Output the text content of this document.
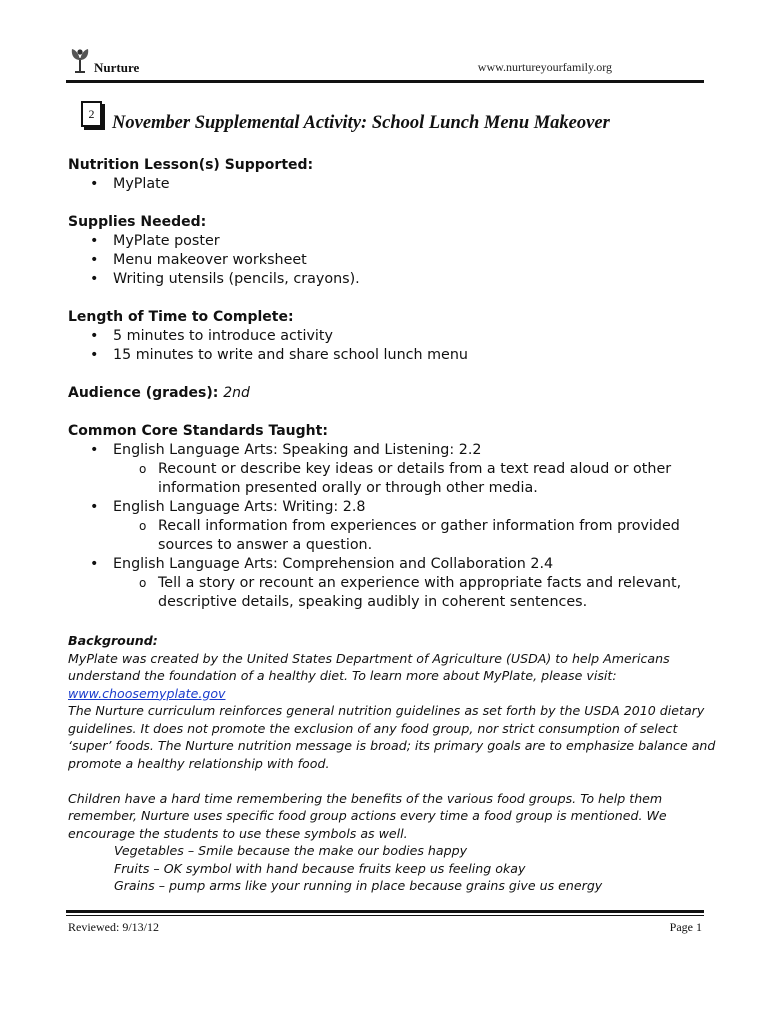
Nurture	www.nurtureyourfamily.org
2 November Supplemental Activity: School Lunch Menu Makeover
Nutrition Lesson(s) Supported:
• MyPlate
Supplies Needed:
• MyPlate poster
• Menu makeover worksheet
• Writing utensils (pencils, crayons).
Length of Time to Complete:
• 5 minutes to introduce activity
• 15 minutes to write and share school lunch menu
Audience (grades): 2nd
Common Core Standards Taught:
• English Language Arts: Speaking and Listening: 2.2
o Recount or describe key ideas or details from a text read aloud or other information presented orally or through other media.
• English Language Arts: Writing: 2.8
o Recall information from experiences or gather information from provided sources to answer a question.
• English Language Arts: Comprehension and Collaboration 2.4
o Tell a story or recount an experience with appropriate facts and relevant, descriptive details, speaking audibly in coherent sentences.

Background:

MyPlate was created by the United States Department of Agriculture (USDA) to help Americans understand the foundation of a healthy diet. To learn more about MyPlate, please visit: www.choosemyplate.gov

The Nurture curriculum reinforces general nutrition guidelines as set forth by the USDA 2010 dietary guidelines. It does not promote the exclusion of any food group, nor strict consumption of select ‘super’ foods. The Nurture nutrition message is broad; its primary goals are to emphasize balance and promote a healthy relationship with food.

Children have a hard time remembering the benefits of the various food groups. To help them remember, Nurture uses specific food group actions every time a food group is mentioned. We encourage the students to use these symbols as well.

Vegetables – Smile because the make our bodies happy

Fruits – OK symbol with hand because fruits keep us feeling okay

Grains – pump arms like your running in place because grains give us energy

Reviewed: 9/13/12	Page 1
